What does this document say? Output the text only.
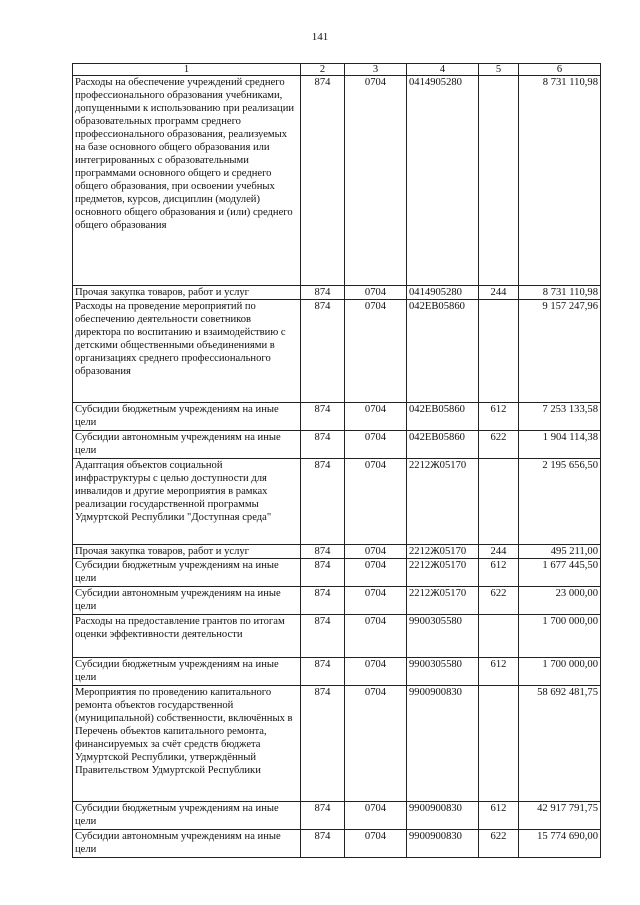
141
1	2	3	4	5	6
Расходы на обеспечение учреждений среднего профессионального образования учебниками, допущенными к использованию при реализации образовательных программ среднего профессионального образования, реализуемых на базе основного общего образования или интегрированных с образовательными программами основного общего и среднего общего образования, при освоении учебных предметов, курсов, дисциплин (модулей) основного общего образования и (или) среднего общего образования	874	0704	0414905280		8 731 110,98
Прочая закупка товаров, работ и услуг	874	0704	0414905280	244	8 731 110,98
Расходы на проведение мероприятий по обеспечению деятельности советников директора по воспитанию и взаимодействию с детскими общественными объединениями в организациях среднего профессионального образования	874	0704	042EB05860		9 157 247,96
Субсидии бюджетным учреждениям на иные цели	874	0704	042EB05860	612	7 253 133,58
Субсидии автономным учреждениям на иные цели	874	0704	042EB05860	622	1 904 114,38
Адаптация объектов социальной инфраструктуры с целью доступности для инвалидов и другие мероприятия в рамках реализации государственной программы Удмуртской Республики "Доступная среда"	874	0704	2212Ж05170		2 195 656,50
Прочая закупка товаров, работ и услуг	874	0704	2212Ж05170	244	495 211,00
Субсидии бюджетным учреждениям на иные цели	874	0704	2212Ж05170	612	1 677 445,50
Субсидии автономным учреждениям на иные цели	874	0704	2212Ж05170	622	23 000,00
Расходы на предоставление грантов по итогам оценки эффективности деятельности	874	0704	9900305580		1 700 000,00
Субсидии бюджетным учреждениям на иные цели	874	0704	9900305580	612	1 700 000,00
Мероприятия по проведению капитального ремонта объектов государственной (муниципальной) собственности, включённых в Перечень объектов капитального ремонта, финансируемых за счёт средств бюджета Удмуртской Республики, утверждённый Правительством Удмуртской Республики	874	0704	9900900830		58 692 481,75
Субсидии бюджетным учреждениям на иные цели	874	0704	9900900830	612	42 917 791,75
Субсидии автономным учреждениям на иные цели	874	0704	9900900830	622	15 774 690,00
